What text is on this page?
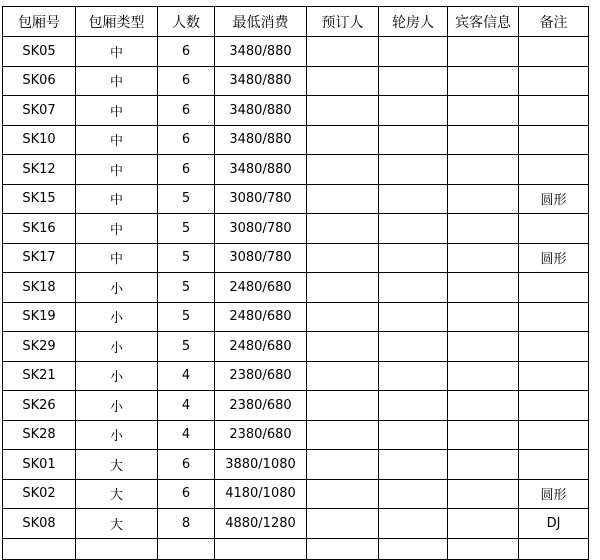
包厢号	包厢类型	人数	最低消费	预订人	轮房人	宾客信息	备注
SK05	中	6	3480/880				
SK06	中	6	3480/880				
SK07	中	6	3480/880				
SK10	中	6	3480/880				
SK12	中	6	3480/880				
SK15	中	5	3080/780				圆形
SK16	中	5	3080/780				
SK17	中	5	3080/780				圆形
SK18	小	5	2480/680				
SK19	小	5	2480/680				
SK29	小	5	2480/680				
SK21	小	4	2380/680				
SK26	小	4	2380/680				
SK28	小	4	2380/680				
SK01	大	6	3880/1080				
SK02	大	6	4180/1080				圆形
SK08	大	8	4880/1280				DJ
